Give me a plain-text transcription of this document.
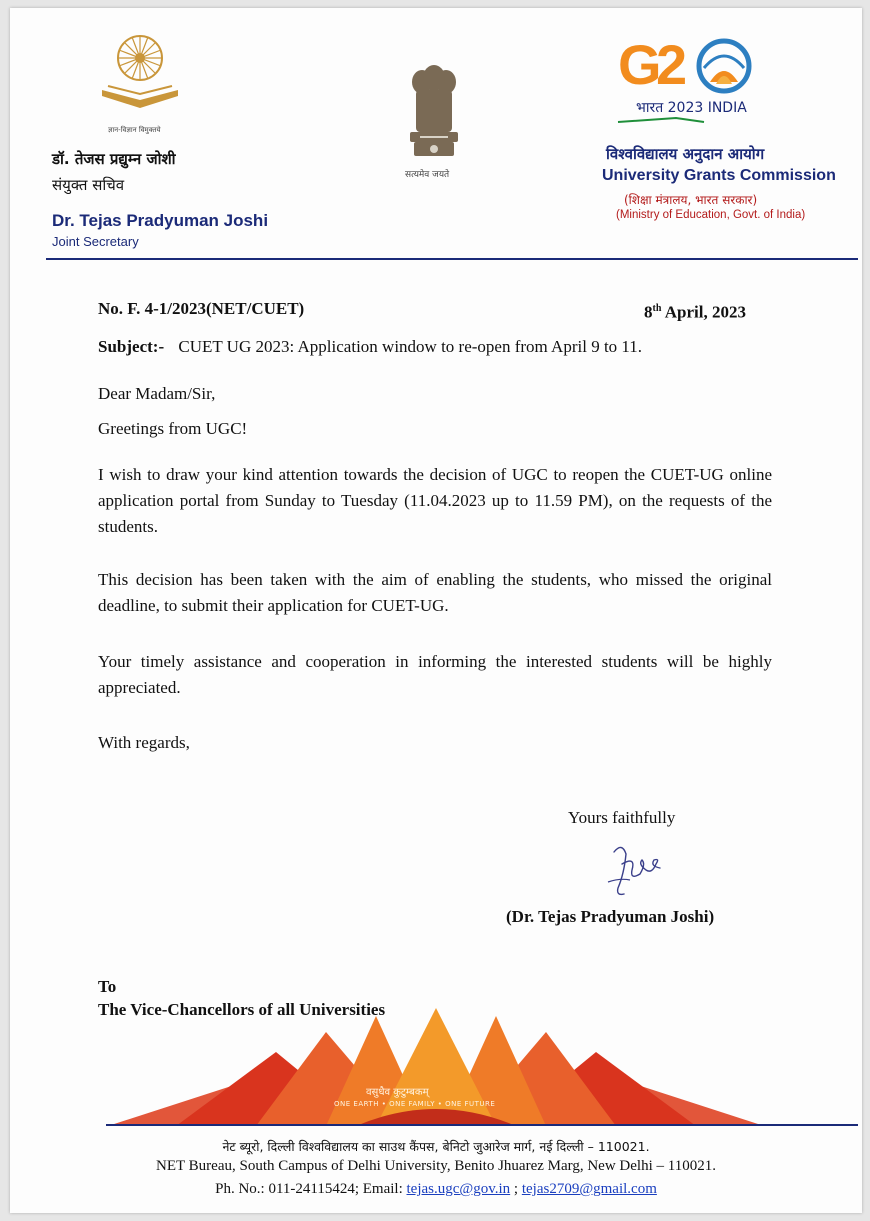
ज्ञान-विज्ञान विमुक्तये
डॉ. तेजस प्रद्युम्न जोशी
संयुक्त सचिव
Dr. Tejas Pradyuman Joshi
Joint Secretary
सत्यमेव जयते
G
2
भारत 2023 INDIA
विश्वविद्यालय अनुदान आयोग
University Grants Commission
(शिक्षा मंत्रालय, भारत सरकार)
(Ministry of Education, Govt. of India)
No. F. 4-1/2023(NET/CUET)	8th April, 2023
Subject:- CUET UG 2023: Application window to re-open from April 9 to 11.
Dear Madam/Sir,
Greetings from UGC!
I wish to draw your kind attention towards the decision of UGC to reopen the CUET-UG online application portal from Sunday to Tuesday (11.04.2023 up to 11.59 PM), on the requests of the students.
This decision has been taken with the aim of enabling the students, who missed the original deadline, to submit their application for CUET-UG.
Your timely assistance and cooperation in informing the interested students will be highly appreciated.
With regards,
Yours faithfully
(Dr. Tejas Pradyuman Joshi)
To
The Vice-Chancellors of all Universities
वसुधैव कुटुम्बकम्
ONE EARTH • ONE FAMILY • ONE FUTURE
नेट ब्यूरो, दिल्ली विश्वविद्यालय का साउथ कैंपस, बेनिटो जुआरेज मार्ग, नई दिल्ली – 110021.
NET Bureau, South Campus of Delhi University, Benito Jhuarez Marg, New Delhi – 110021.
Ph. No.: 011-24115424; Email: tejas.ugc@gov.in ; tejas2709@gmail.com
